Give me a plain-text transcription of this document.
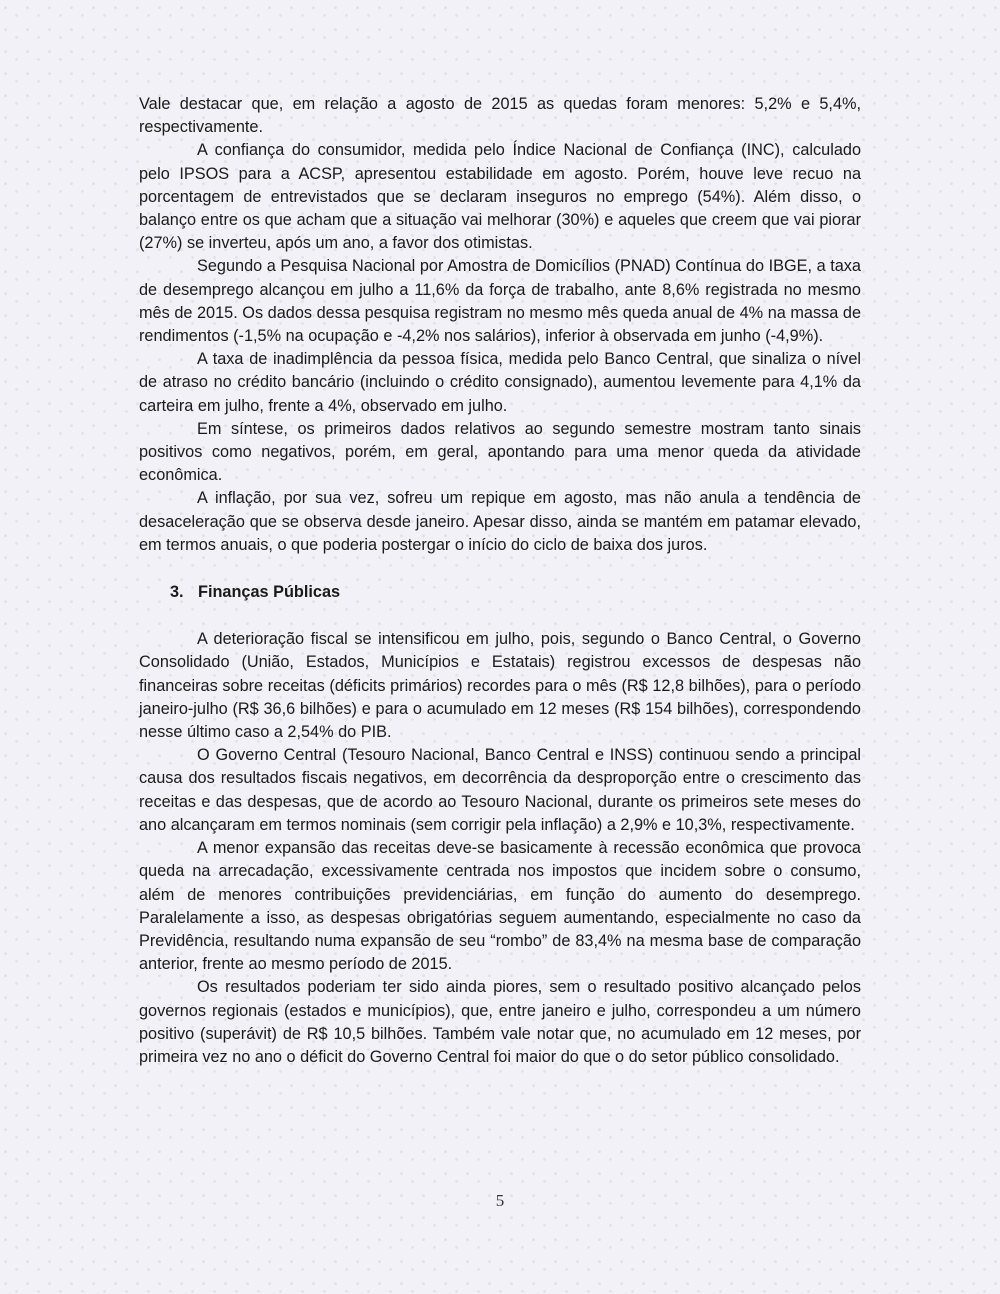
Vale destacar que, em relação a agosto de 2015 as quedas foram menores: 5,2% e 5,4%, respectivamente.

A confiança do consumidor, medida pelo Índice Nacional de Confiança (INC), calculado pelo IPSOS para a ACSP, apresentou estabilidade em agosto. Porém, houve leve recuo na porcentagem de entrevistados que se declaram inseguros no emprego (54%). Além disso, o balanço entre os que acham que a situação vai melhorar (30%) e aqueles que creem que vai piorar (27%) se inverteu, após um ano, a favor dos otimistas.

Segundo a Pesquisa Nacional por Amostra de Domicílios (PNAD) Contínua do IBGE, a taxa de desemprego alcançou em julho a 11,6% da força de trabalho, ante 8,6% registrada no mesmo mês de 2015. Os dados dessa pesquisa registram no mesmo mês queda anual de 4% na massa de rendimentos (-1,5% na ocupação e -4,2% nos salários), inferior à observada em junho (-4,9%).

A taxa de inadimplência da pessoa física, medida pelo Banco Central, que sinaliza o nível de atraso no crédito bancário (incluindo o crédito consignado), aumentou levemente para 4,1% da carteira em julho, frente a 4%, observado em julho.

Em síntese, os primeiros dados relativos ao segundo semestre mostram tanto sinais positivos como negativos, porém, em geral, apontando para uma menor queda da atividade econômica.

A inflação, por sua vez, sofreu um repique em agosto, mas não anula a tendência de desaceleração que se observa desde janeiro. Apesar disso, ainda se mantém em patamar elevado, em termos anuais, o que poderia postergar o início do ciclo de baixa dos juros.

3. Finanças Públicas

A deterioração fiscal se intensificou em julho, pois, segundo o Banco Central, o Governo Consolidado (União, Estados, Municípios e Estatais) registrou excessos de despesas não financeiras sobre receitas (déficits primários) recordes para o mês (R$ 12,8 bilhões), para o período janeiro-julho (R$ 36,6 bilhões) e para o acumulado em 12 meses (R$ 154 bilhões), correspondendo nesse último caso a 2,54% do PIB.

O Governo Central (Tesouro Nacional, Banco Central e INSS) continuou sendo a principal causa dos resultados fiscais negativos, em decorrência da desproporção entre o crescimento das receitas e das despesas, que de acordo ao Tesouro Nacional, durante os primeiros sete meses do ano alcançaram em termos nominais (sem corrigir pela inflação) a 2,9% e 10,3%, respectivamente.

A menor expansão das receitas deve-se basicamente à recessão econômica que provoca queda na arrecadação, excessivamente centrada nos impostos que incidem sobre o consumo, além de menores contribuições previdenciárias, em função do aumento do desemprego. Paralelamente a isso, as despesas obrigatórias seguem aumentando, especialmente no caso da Previdência, resultando numa expansão de seu “rombo” de 83,4% na mesma base de comparação anterior, frente ao mesmo período de 2015.

Os resultados poderiam ter sido ainda piores, sem o resultado positivo alcançado pelos governos regionais (estados e municípios), que, entre janeiro e julho, correspondeu a um número positivo (superávit) de R$ 10,5 bilhões. Também vale notar que, no acumulado em 12 meses, por primeira vez no ano o déficit do Governo Central foi maior do que o do setor público consolidado.

5
